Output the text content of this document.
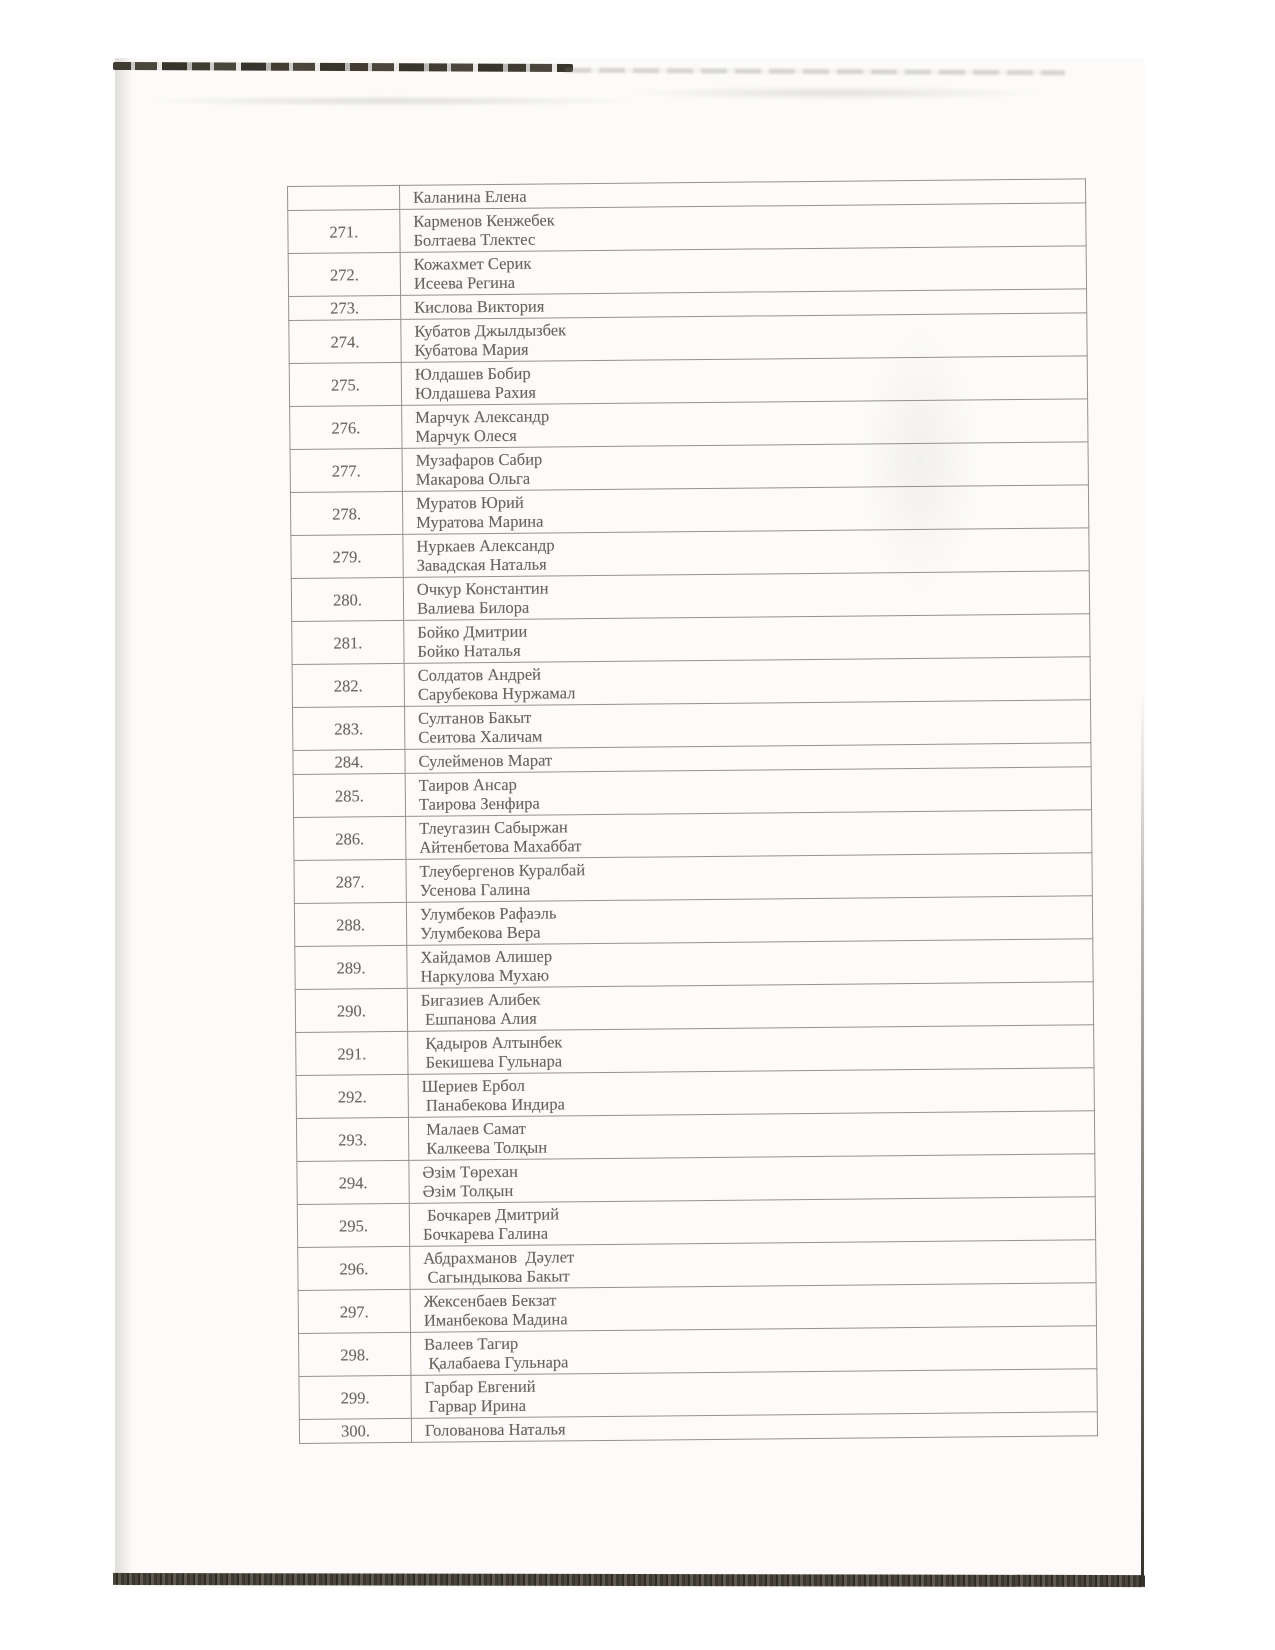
	Каланина Елена

271.	Карменов Кенжебек
Болтаева Тлектес

272.	Кожахмет Серик
Исеева Регина

273.	Кислова Виктория

274.	Кубатов Джылдызбек
Кубатова Мария

275.	Юлдашев Бобир
Юлдашева Рахия

276.	Марчук Александр
Марчук Олеся

277.	Музафаров Сабир
Макарова Ольга

278.	Муратов Юрий
Муратова Марина

279.	Нуркаев Александр
Завадская Наталья

280.	Очкур Константин
Валиева Билора

281.	Бойко Дмитрии
Бойко Наталья

282.	Солдатов Андрей
Сарубекова Нуржамал

283.	Султанов Бакыт
Сеитова Халичам

284.	Сулейменов Марат

285.	Таиров Ансар
Таирова Зенфира

286.	Тлеугазин Сабыржан
Айтенбетова Махаббат

287.	Тлеубергенов Куралбай
Усенова Галина

288.	Улумбеков Рафаэль
Улумбекова Вера

289.	Хайдамов Алишер
Наркулова Мухаю

290.	Бигазиев Алибек
Ешпанова Алия

291.	Қадыров Алтынбек
Бекишева Гульнара

292.	Шериев Ербол
Панабекова Индира

293.	Малаев Самат
Калкеева Толқын

294.	Әзім Төрехан
Әзім Толқын

295.	Бочкарев Дмитрий
Бочкарева Галина

296.	Абдрахманов  Дәулет
Сагындыкова Бакыт

297.	Жексенбаев Бекзат
Иманбекова Мадина

298.	Валеев Тагир
Қалабаева Гульнара

299.	Гарбар Евгений
Гарвар Ирина

300.	Голованова Наталья
